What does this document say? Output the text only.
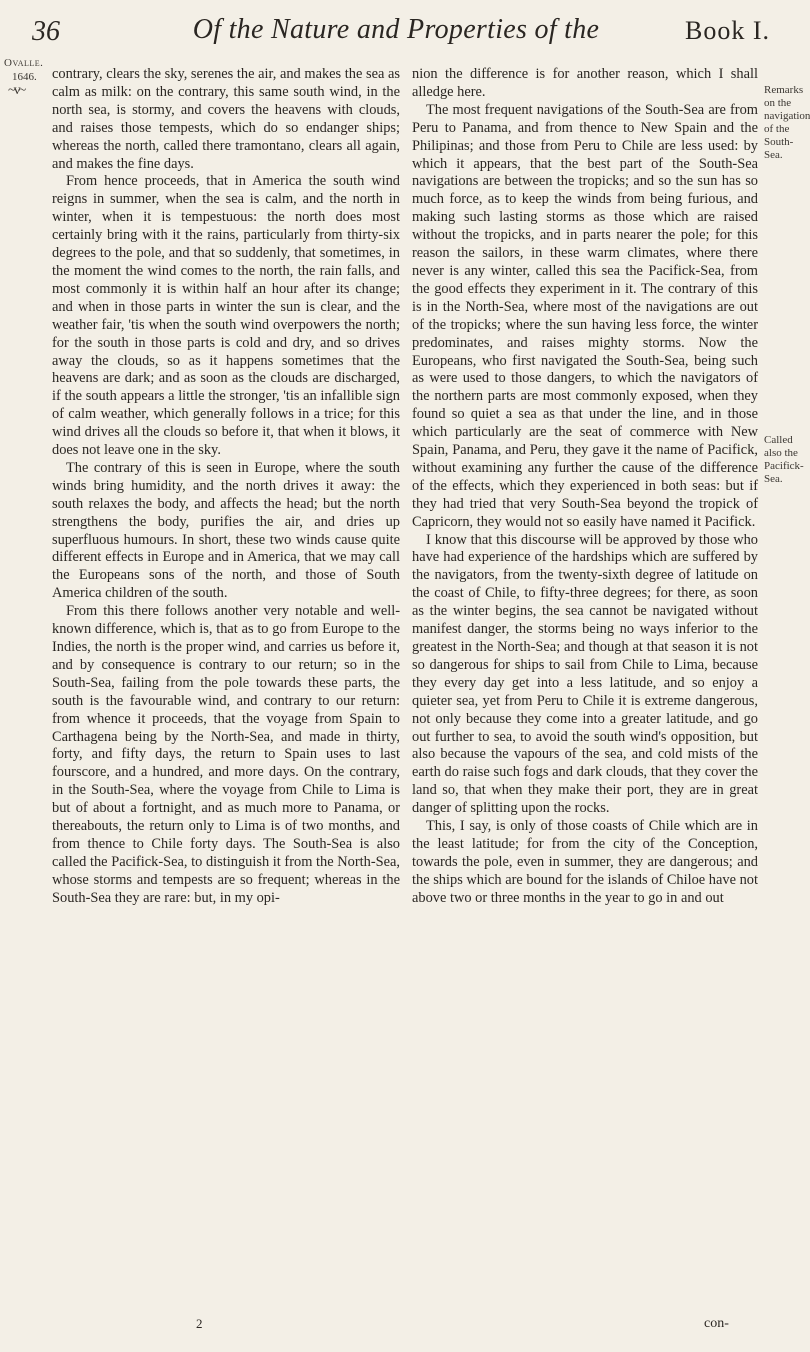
36	Of the Nature and Properties of the	Book I.
Ovalle.
1646.
~v~

contrary, clears the sky, serenes the air, and makes the sea as calm as milk: on the contrary, this same south wind, in the north sea, is stormy, and covers the heavens with clouds, and raises those tempests, which do so endanger ships; whereas the north, called there tramontano, clears all again, and makes the fine days.

From hence proceeds, that in America the south wind reigns in summer, when the sea is calm, and the north in winter, when it is tempestuous: the north does most certainly bring with it the rains, particularly from thirty-six degrees to the pole, and that so suddenly, that sometimes, in the moment the wind comes to the north, the rain falls, and most commonly it is within half an hour after its change; and when in those parts in winter the sun is clear, and the weather fair, 'tis when the south wind overpowers the north; for the south in those parts is cold and dry, and so drives away the clouds, so as it happens sometimes that the heavens are dark; and as soon as the clouds are discharged, if the south appears a little the stronger, 'tis an infallible sign of calm weather, which generally follows in a trice; for this wind drives all the clouds so before it, that when it blows, it does not leave one in the sky.

The contrary of this is seen in Europe, where the south winds bring humidity, and the north drives it away: the south relaxes the body, and affects the head; but the north strengthens the body, purifies the air, and dries up superfluous humours. In short, these two winds cause quite different effects in Europe and in America, that we may call the Europeans sons of the north, and those of South America children of the south.

From this there follows another very notable and well-known difference, which is, that as to go from Europe to the Indies, the north is the proper wind, and carries us before it, and by consequence is contrary to our return; so in the South-Sea, failing from the pole towards these parts, the south is the favourable wind, and contrary to our return: from whence it proceeds, that the voyage from Spain to Carthagena being by the North-Sea, and made in thirty, forty, and fifty days, the return to Spain uses to last fourscore, and a hundred, and more days. On the contrary, in the South-Sea, where the voyage from Chile to Lima is but of about a fortnight, and as much more to Panama, or thereabouts, the return only to Lima is of two months, and from thence to Chile forty days. The South-Sea is also called the Pacifick-Sea, to distinguish it from the North-Sea, whose storms and tempests are so frequent; whereas in the South-Sea they are rare: but, in my opi-

nion the difference is for another reason, which I shall alledge here.

The most frequent navigations of the South-Sea are from Peru to Panama, and from thence to New Spain and the Philipinas; and those from Peru to Chile are less used: by which it appears, that the best part of the South-Sea navigations are between the tropicks; and so the sun has so much force, as to keep the winds from being furious, and making such lasting storms as those which are raised without the tropicks, and in parts nearer the pole; for this reason the sailors, in these warm climates, where there never is any winter, called this sea the Pacifick-Sea, from the good effects they experiment in it. The contrary of this is in the North-Sea, where most of the navigations are out of the tropicks; where the sun having less force, the winter predominates, and raises mighty storms. Now the Europeans, who first navigated the South-Sea, being such as were used to those dangers, to which the navigators of the northern parts are most commonly exposed, when they found so quiet a sea as that under the line, and in those which particularly are the seat of commerce with New Spain, Panama, and Peru, they gave it the name of Pacifick, without examining any further the cause of the difference of the effects, which they experienced in both seas: but if they had tried that very South-Sea beyond the tropick of Capricorn, they would not so easily have named it Pacifick.

I know that this discourse will be approved by those who have had experience of the hardships which are suffered by the navigators, from the twenty-sixth degree of latitude on the coast of Chile, to fifty-three degrees; for there, as soon as the winter begins, the sea cannot be navigated without manifest danger, the storms being no ways inferior to the greatest in the North-Sea; and though at that season it is not so dangerous for ships to sail from Chile to Lima, because they every day get into a less latitude, and so enjoy a quieter sea, yet from Peru to Chile it is extreme dangerous, not only because they come into a greater latitude, and go out further to sea, to avoid the south wind's opposition, but also because the vapours of the sea, and cold mists of the earth do raise such fogs and dark clouds, that they cover the land so, that when they make their port, they are in great danger of splitting upon the rocks.

This, I say, is only of those coasts of Chile which are in the least latitude; for from the city of the Conception, towards the pole, even in summer, they are dangerous; and the ships which are bound for the islands of Chiloe have not above two or three months in the year to go in and out

Remarks on the navigation of the South-Sea.
Called also the Pacifick-Sea.
2	con-
